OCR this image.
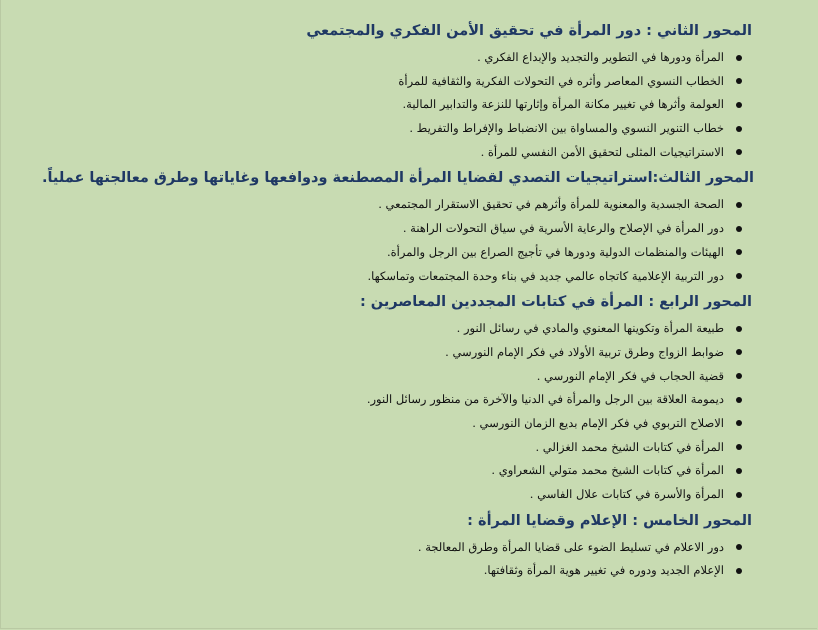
المحور الثاني : دور المرأة في تحقيق الأمن الفكري والمجتمعي
المرأة ودورها في التطوير والتجديد والإبداع الفكري .
الخطاب النسوي المعاصر وأثره في التحولات الفكرية والثقافية للمرأة
العولمة وأثرها في تغيير مكانة المرأة وإثارتها للنزعة والتدابير المالية.
خطاب التنوير النسوي والمساواة بين الانضباط والإفراط والتفريط .
الاستراتيجيات المثلى لتحقيق الأمن النفسي للمرأة .
المحور الثالث:استراتيجيات التصدي لقضايا المرأة المصطنعة ودوافعها وغاياتها وطرق معالجتها عملياً.
الصحة الجسدية والمعنوية للمرأة وأثرهم في تحقيق الاستقرار المجتمعي .
دور المرأة في الإصلاح والرعاية الأسرية في سياق التحولات الراهنة .
الهيئات والمنظمات الدولية ودورها في تأجيج الصراع بين الرجل والمرأة.
دور التربية الإعلامية كاتجاه عالمي جديد في بناء وحدة المجتمعات وتماسكها.
المحور الرابع : المرأة في كتابات المجددين المعاصرين :
طبيعة المرأة وتكوينها المعنوي والمادي في رسائل النور .
ضوابط الزواج وطرق تربية الأولاد في فكر الإمام النورسي .
قضية الحجاب في فكر الإمام النورسي .
ديمومة العلاقة بين الرجل والمرأة في الدنيا والآخرة من منظور رسائل النور.
الاصلاح التربوي في فكر الإمام بديع الزمان النورسي .
المرأة في كتابات الشيخ محمد الغزالي .
المرأة في كتابات الشيخ محمد متولي الشعراوي .
المرأة والأسرة في كتابات علال الفاسي .
المحور الخامس : الإعلام وقضايا المرأة :
دور الاعلام في تسليط الضوء على قضايا المرأة وطرق المعالجة .
الإعلام الجديد ودوره في تغيير هوية المرأة وثقافتها.
